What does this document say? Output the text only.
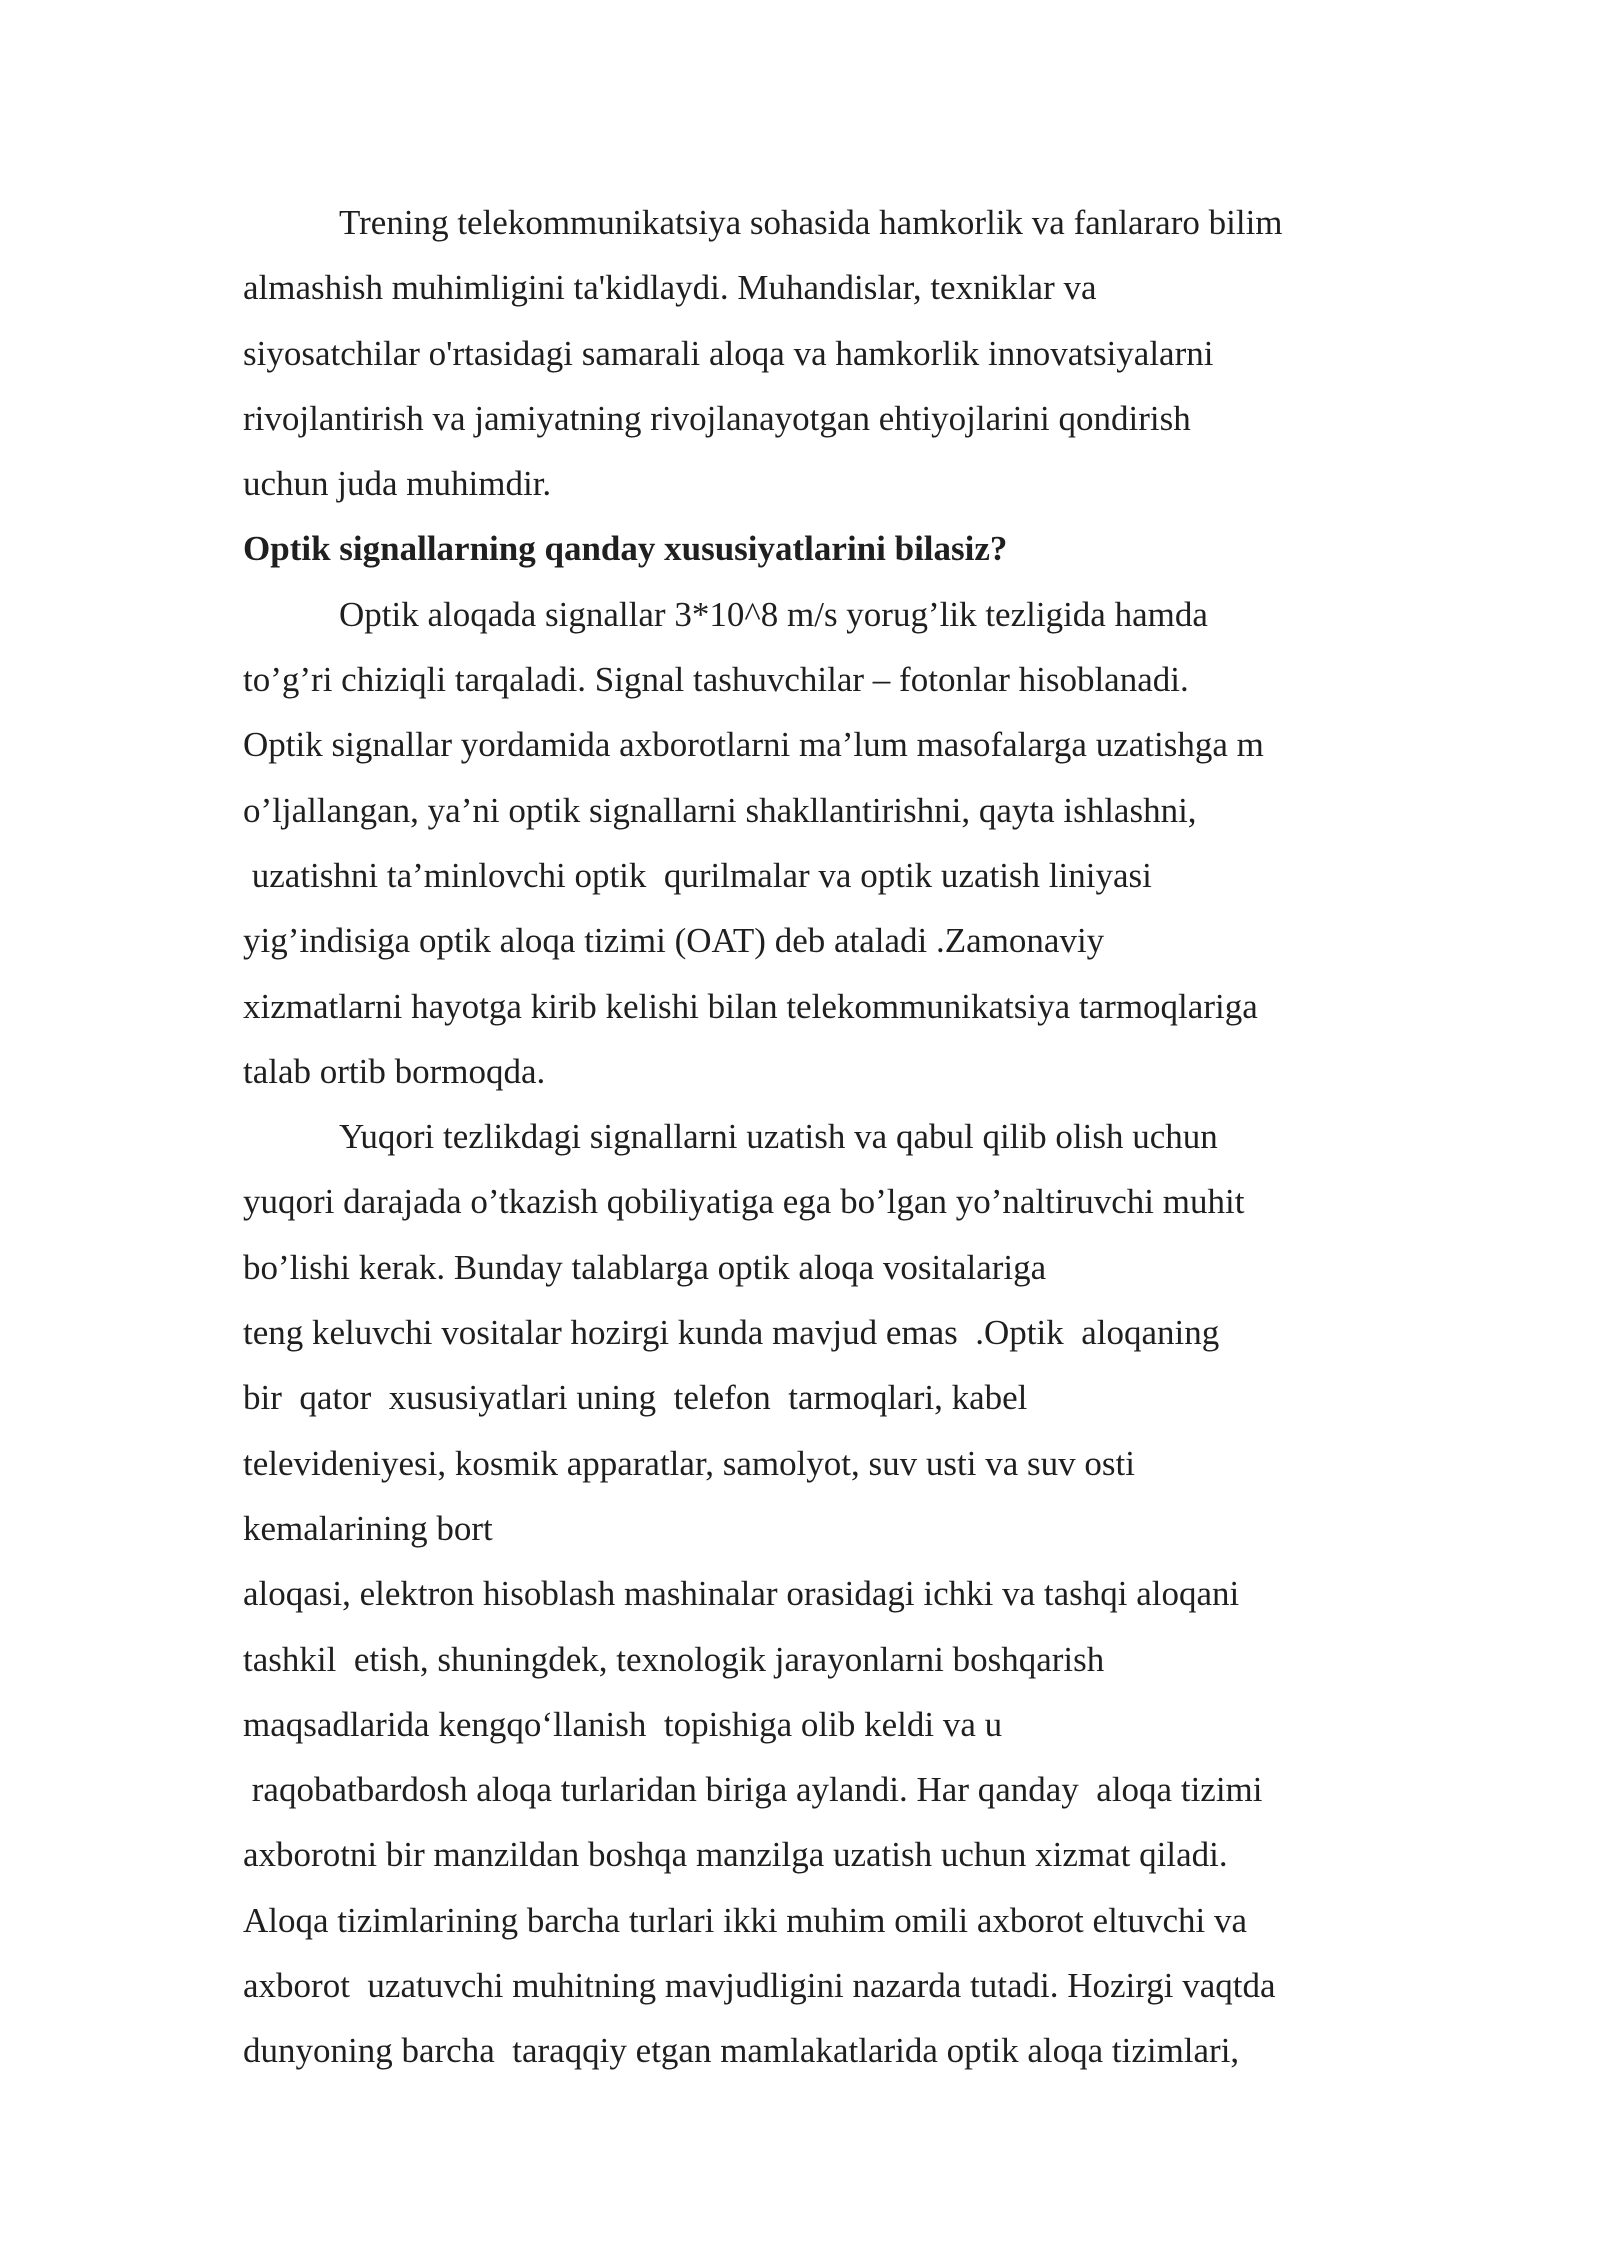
Trening telekommunikatsiya sohasida hamkorlik va fanlararo bilim
almashish muhimligini ta'kidlaydi. Muhandislar, texniklar va
siyosatchilar o'rtasidagi samarali aloqa va hamkorlik innovatsiyalarni
rivojlantirish va jamiyatning rivojlanayotgan ehtiyojlarini qondirish
uchun juda muhimdir.
Optik signallarning qanday xususiyatlarini bilasiz?
Optik aloqada signallar 3*10^8 m/s yorug’lik tezligida hamda
to’g’ri chiziqli tarqaladi. Signal tashuvchilar – fotonlar hisoblanadi.
Optik signallar yordamida axborotlarni ma’lum masofalarga uzatishga m
o’ljallangan, ya’ni optik signallarni shakllantirishni, qayta ishlashni,
uzatishni ta’minlovchi optik  qurilmalar va optik uzatish liniyasi
yig’indisiga optik aloqa tizimi (OAT) deb ataladi .Zamonaviy
xizmatlarni hayotga kirib kelishi bilan telekommunikatsiya tarmoqlariga
talab ortib bormoqda.
Yuqori tezlikdagi signallarni uzatish va qabul qilib olish uchun
yuqori darajada o’tkazish qobiliyatiga ega bo’lgan yo’naltiruvchi muhit
bo’lishi kerak. Bunday talablarga optik aloqa vositalariga
teng keluvchi vositalar hozirgi kunda mavjud emas  .Optik  aloqaning
bir  qator  xususiyatlari uning  telefon  tarmoqlari, kabel
televideniyesi, kosmik apparatlar, samolyot, suv usti va suv osti
kemalarining bort
aloqasi, elektron hisoblash mashinalar orasidagi ichki va tashqi aloqani
tashkil  etish, shuningdek, texnologik jarayonlarni boshqarish
maqsadlarida kengqo‘llanish  topishiga olib keldi va u
raqobatbardosh aloqa turlaridan biriga aylandi. Har qanday  aloqa tizimi
axborotni bir manzildan boshqa manzilga uzatish uchun xizmat qiladi.
Aloqa tizimlarining barcha turlari ikki muhim omili axborot eltuvchi va
axborot  uzatuvchi muhitning mavjudligini nazarda tutadi. Hozirgi vaqtda
dunyoning barcha  taraqqiy etgan mamlakatlarida optik aloqa tizimlari,
